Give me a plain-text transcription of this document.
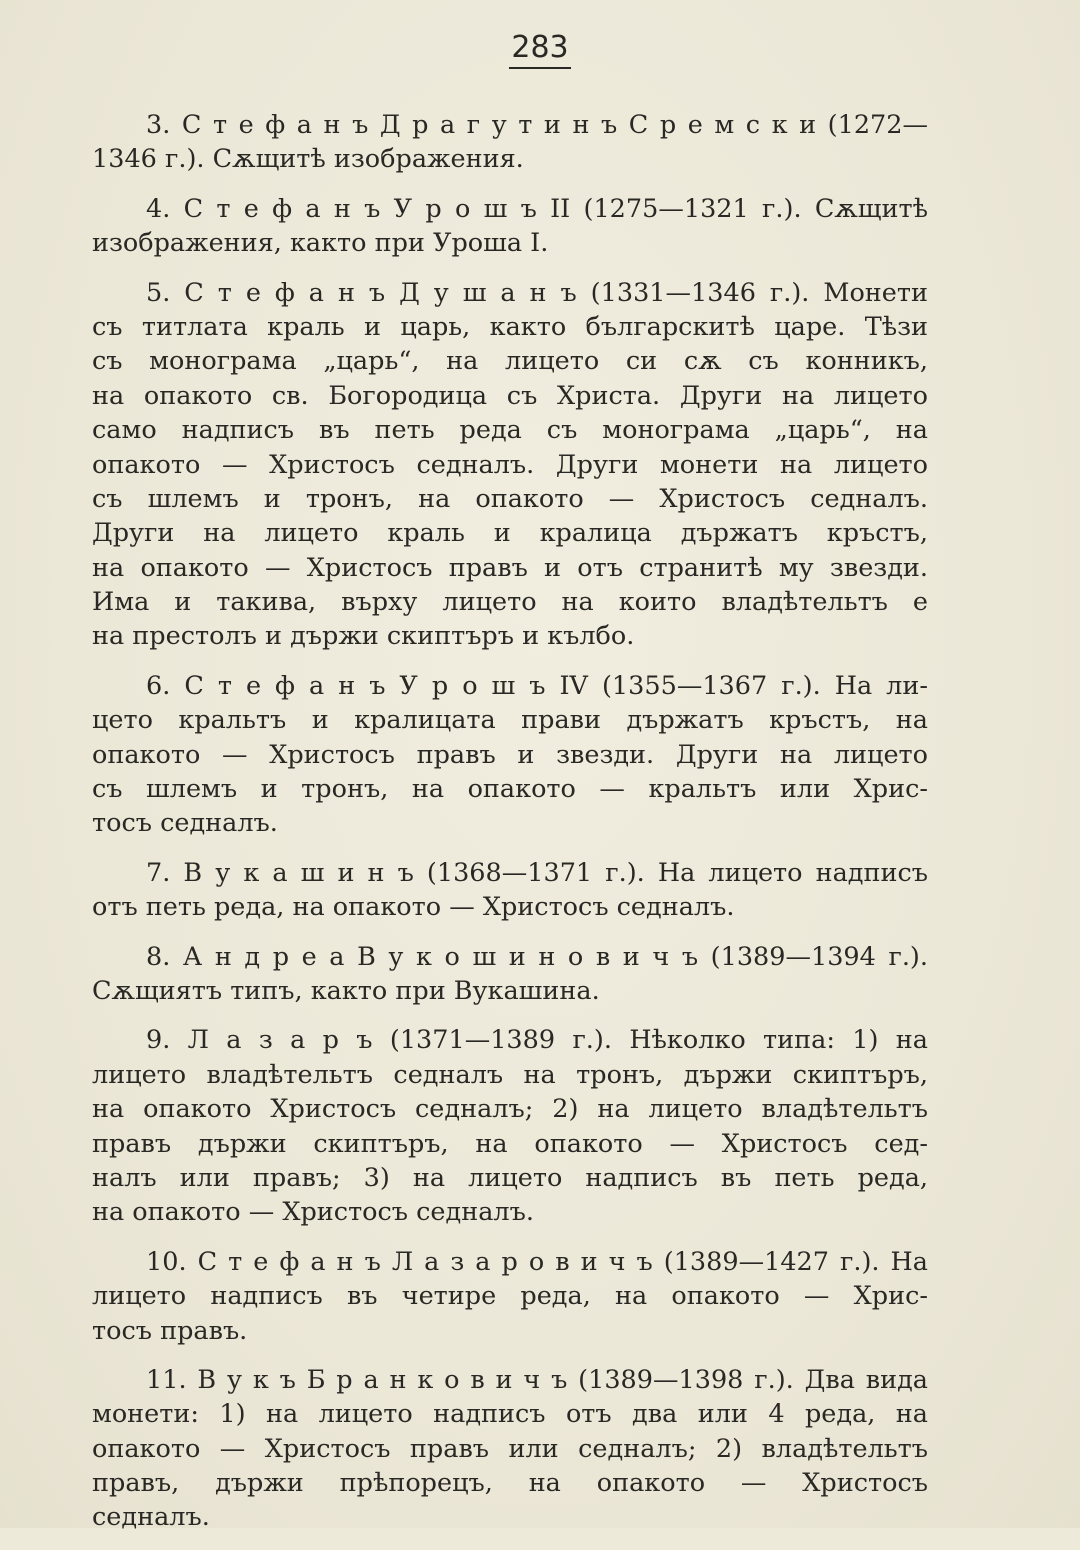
283
3. С т е ф а н ъ Д р а г у т и н ъ С р е м с к и (1272—
1346 г.). Сѫщитѣ изображения.
4. С т е ф а н ъ У р о ш ъ II (1275—1321 г.). Сѫщитѣ
изображения, както при Уроша I.
5. С т е ф а н ъ Д у ш а н ъ (1331—1346 г.). Монети
съ титлата краль и царь, както българскитѣ царе. Тѣзи
съ монограма „царь“, на лицето си сѫ съ конникъ,
на опакото св. Богородица съ Христа. Други на лицето
само надписъ въ петь реда съ монограма „царь“, на
опакото — Христосъ седналъ. Други монети на лицето
съ шлемъ и тронъ, на опакото — Христосъ седналъ.
Други на лицето краль и кралица държатъ кръстъ,
на опакото — Христосъ правъ и отъ странитѣ му звезди.
Има и такива, върху лицето на които владѣтельтъ е
на престолъ и държи скиптъръ и кълбо.
6. С т е ф а н ъ У р о ш ъ IV (1355—1367 г.). На ли-
цето кральтъ и кралицата прави държатъ кръстъ, на
опакото — Христосъ правъ и звезди. Други на лицето
съ шлемъ и тронъ, на опакото — кральтъ или Хрис-
тосъ седналъ.
7. В у к а ш и н ъ (1368—1371 г.). На лицето надписъ
отъ петь реда, на опакото — Христосъ седналъ.
8. А н д р е а В у к о ш и н о в и ч ъ (1389—1394 г.).
Сѫщиятъ типъ, както при Вукашина.
9. Л а з а р ъ (1371—1389 г.). Нѣколко типа: 1) на
лицето владѣтельтъ седналъ на тронъ, държи скиптъръ,
на опакото Христосъ седналъ; 2) на лицето владѣтельтъ
правъ държи скиптъръ, на опакото — Христосъ сед-
налъ или правъ; 3) на лицето надписъ въ петь реда,
на опакото — Христосъ седналъ.
10. С т е ф а н ъ Л а з а р о в и ч ъ (1389—1427 г.). На
лицето надписъ въ четире реда, на опакото — Хрис-
тосъ правъ.
11. В у к ъ Б р а н к о в и ч ъ (1389—1398 г.). Два вида
монети: 1) на лицето надписъ отъ два или 4 реда, на
опакото — Христосъ правъ или седналъ; 2) владѣтельтъ
правъ, държи прѣпорецъ, на опакото — Христосъ
седналъ.
